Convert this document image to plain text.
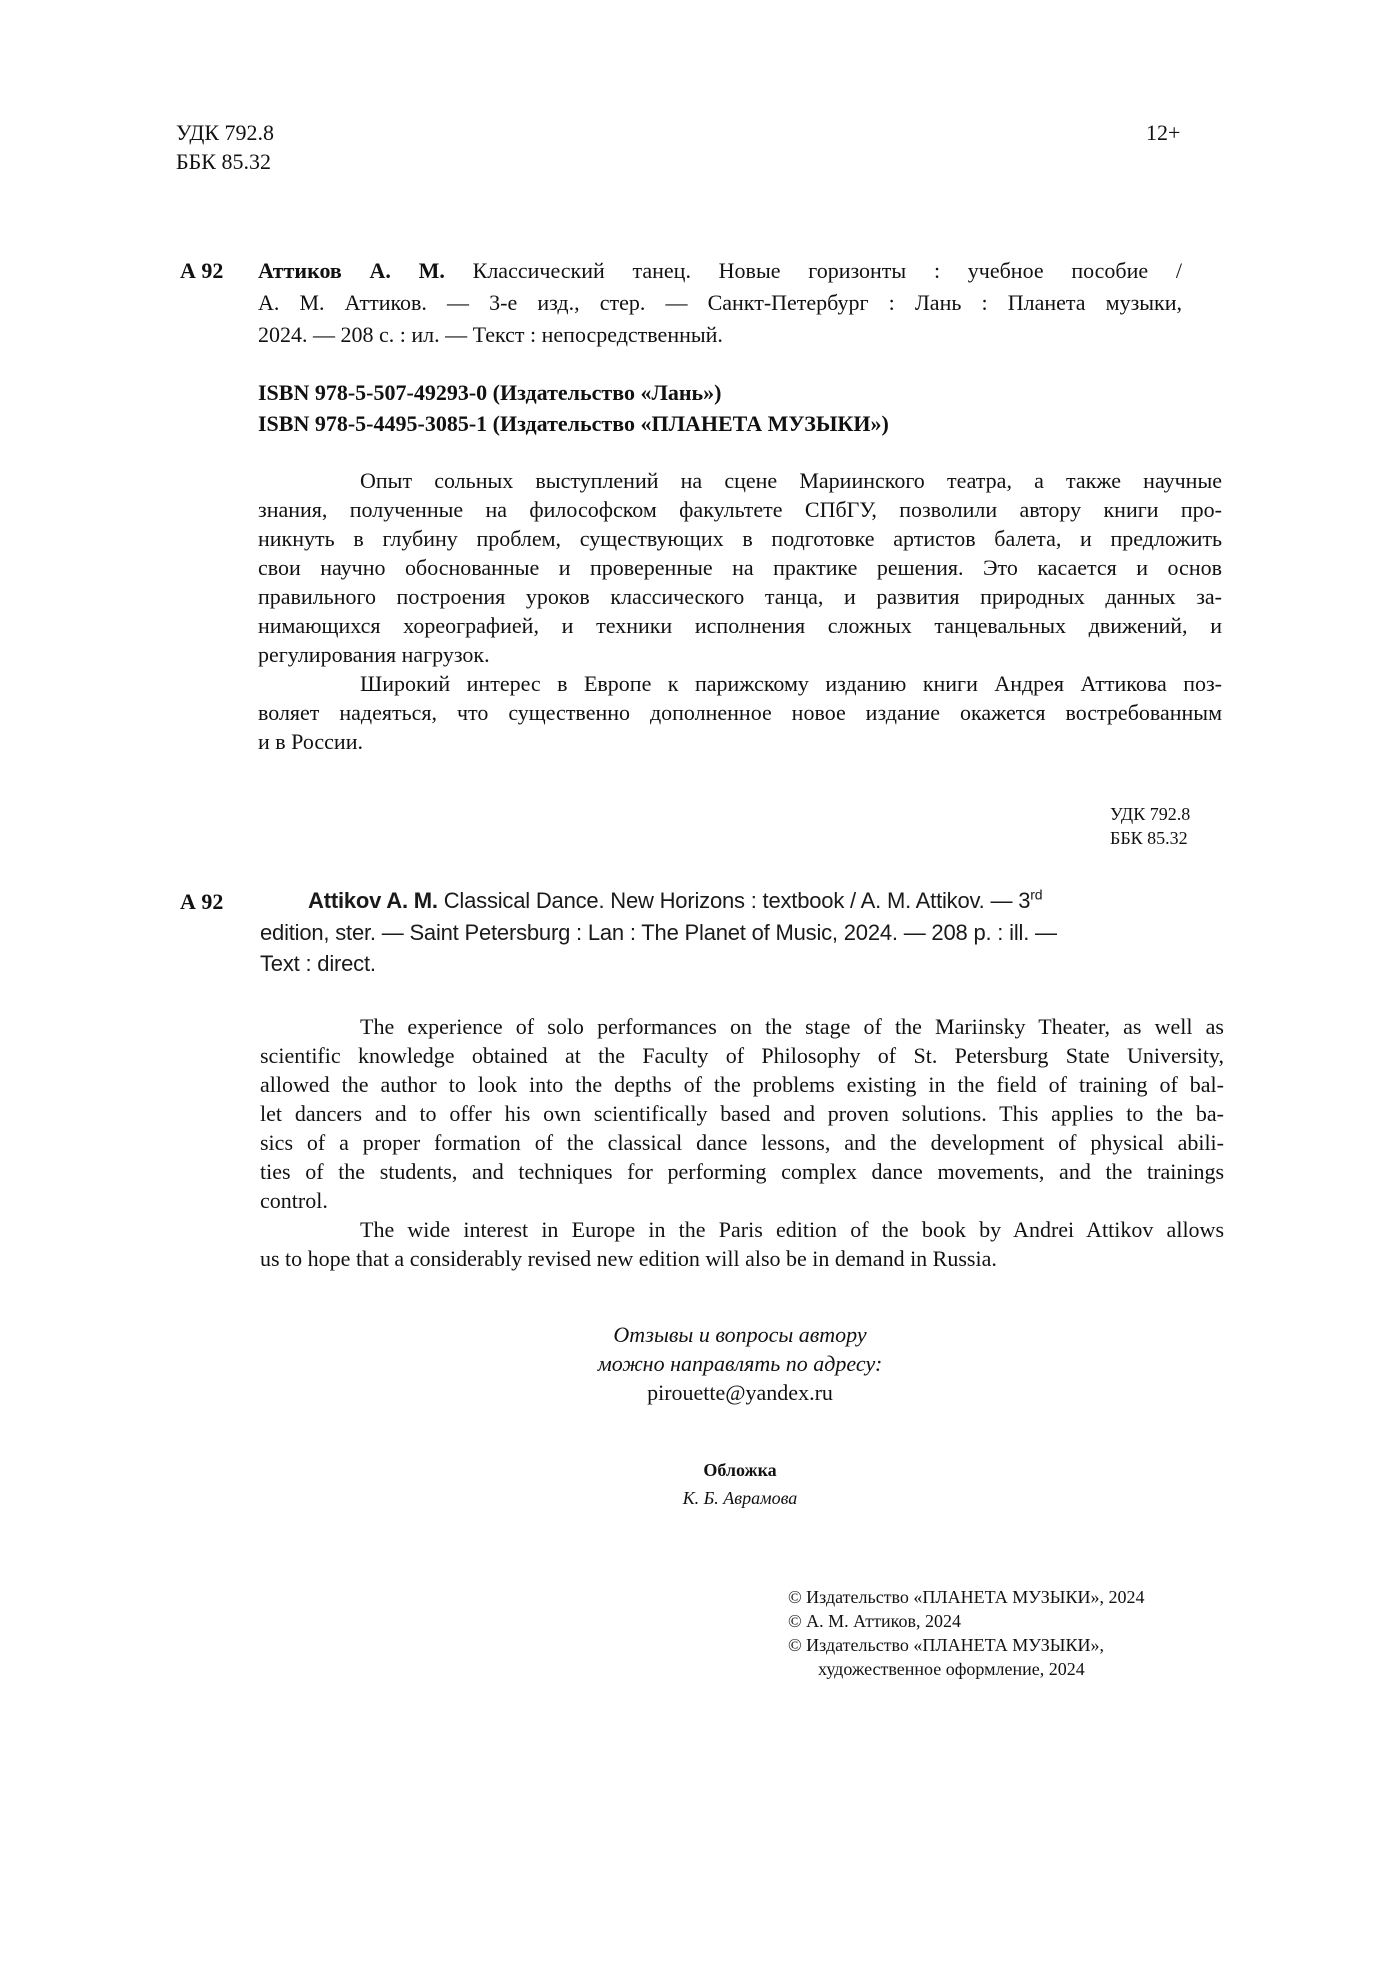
УДК 792.8
ББК 85.32
12+
А 92 Аттиков А. М. Классический танец. Новые горизонты : учебное пособие /
А. М. Аттиков. — 3-е изд., стер. — Санкт-Петербург : Лань : Планета музыки,
2024. — 208 с. : ил. — Текст : непосредственный.
ISBN 978-5-507-49293-0 (Издательство «Лань»)
ISBN 978-5-4495-3085-1 (Издательство «ПЛАНЕТА МУЗЫКИ»)
Опыт сольных выступлений на сцене Мариинского театра, а также научные
знания, полученные на философском факультете СПбГУ, позволили автору книги про-
никнуть в глубину проблем, существующих в подготовке артистов балета, и предложить
свои научно обоснованные и проверенные на практике решения. Это касается и основ
правильного построения уроков классического танца, и развития природных данных за-
нимающихся хореографией, и техники исполнения сложных танцевальных движений, и
регулирования нагрузок.
Широкий интерес в Европе к парижскому изданию книги Андрея Аттикова поз-
воляет надеяться, что существенно дополненное новое издание окажется востребованным
и в России.
УДК 792.8
ББК 85.32
А 92	Attikov A. M. Classical Dance. New Horizons : textbook / A. M. Attikov. — 3rd
edition, ster. — Saint Petersburg : Lan : The Planet of Music, 2024. — 208 p. : ill. —
Text : direct.
The experience of solo performances on the stage of the Mariinsky Theater, as well as
scientific knowledge obtained at the Faculty of Philosophy of St. Petersburg State University,
allowed the author to look into the depths of the problems existing in the field of training of bal-
let dancers and to offer his own scientifically based and proven solutions. This applies to the ba-
sics of a proper formation of the classical dance lessons, and the development of physical abili-
ties of the students, and techniques for performing complex dance movements, and the trainings
control.
The wide interest in Europe in the Paris edition of the book by Andrei Attikov allows
us to hope that a considerably revised new edition will also be in demand in Russia.
Отзывы и вопросы автору
можно направлять по адресу:
pirouette@yandex.ru
Обложка
К. Б. Аврамова
© Издательство «ПЛАНЕТА МУЗЫКИ», 2024
© А. М. Аттиков, 2024
© Издательство «ПЛАНЕТА МУЗЫКИ»,
художественное оформление, 2024
